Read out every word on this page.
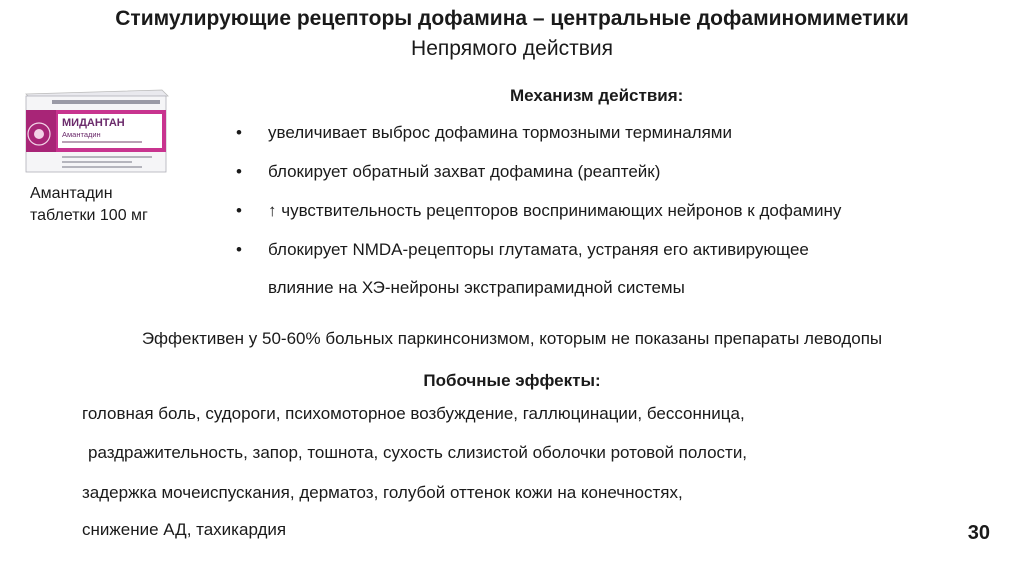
Стимулирующие рецепторы дофамина – центральные дофаминомиметики
Непрямого действия
МИДАНТАН
Амантадин
Амантадин
таблетки 100 мг
Механизм действия:
• увеличивает выброс дофамина тормозными терминалями
• блокирует обратный захват дофамина (реаптейк)
• ↑ чувствительность рецепторов воспринимающих нейронов к дофамину
• блокирует NMDA-рецепторы глутамата, устраняя его активирующее
влияние на ХЭ-нейроны экстрапирамидной системы
Эффективен у 50-60% больных паркинсонизмом, которым не показаны препараты леводопы
Побочные эффекты:
головная боль, судороги, психомоторное возбуждение, галлюцинации, бессонница,
раздражительность, запор, тошнота, сухость слизистой оболочки ротовой полости,
задержка мочеиспускания, дерматоз, голубой оттенок кожи на конечностях,
снижение АД, тахикардия	30
